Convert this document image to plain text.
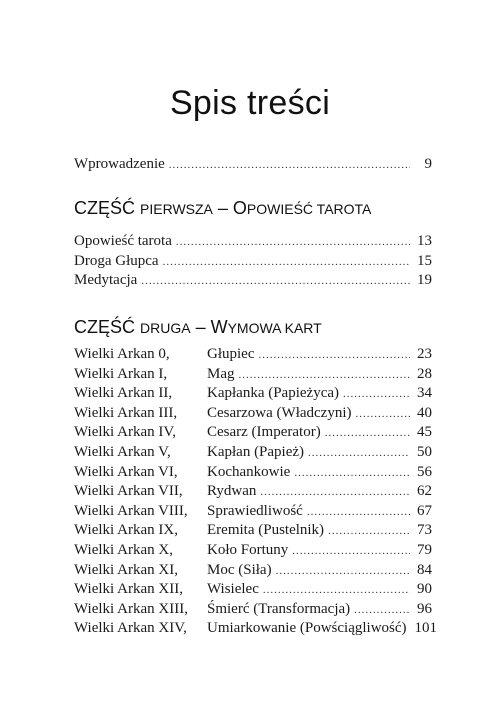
Spis treści
Wprowadzenie .....	9
CZĘŚĆ PIERWSZA – OPOWIEŚĆ TAROTA
Opowieść tarota .....	13
Droga Głupca .....	15
Medytacja .....	19
CZĘŚĆ DRUGA – WYMOWA KART
Wielki Arkan 0,	Głupiec .....	23
Wielki Arkan I,	Mag .....	28
Wielki Arkan II,	Kapłanka (Papieżyca) .....	34
Wielki Arkan III,	Cesarzowa (Władczyni) .....	40
Wielki Arkan IV,	Cesarz (Imperator) .....	45
Wielki Arkan V,	Kapłan (Papież) .....	50
Wielki Arkan VI,	Kochankowie .....	56
Wielki Arkan VII,	Rydwan .....	62
Wielki Arkan VIII,	Sprawiedliwość .....	67
Wielki Arkan IX,	Eremita (Pustelnik) .....	73
Wielki Arkan X,	Koło Fortuny .....	79
Wielki Arkan XI,	Moc (Siła) .....	84
Wielki Arkan XII,	Wisielec .....	90
Wielki Arkan XIII,	Śmierć (Transformacja) .....	96
Wielki Arkan XIV,	Umiarkowanie (Powściągliwość) 101
